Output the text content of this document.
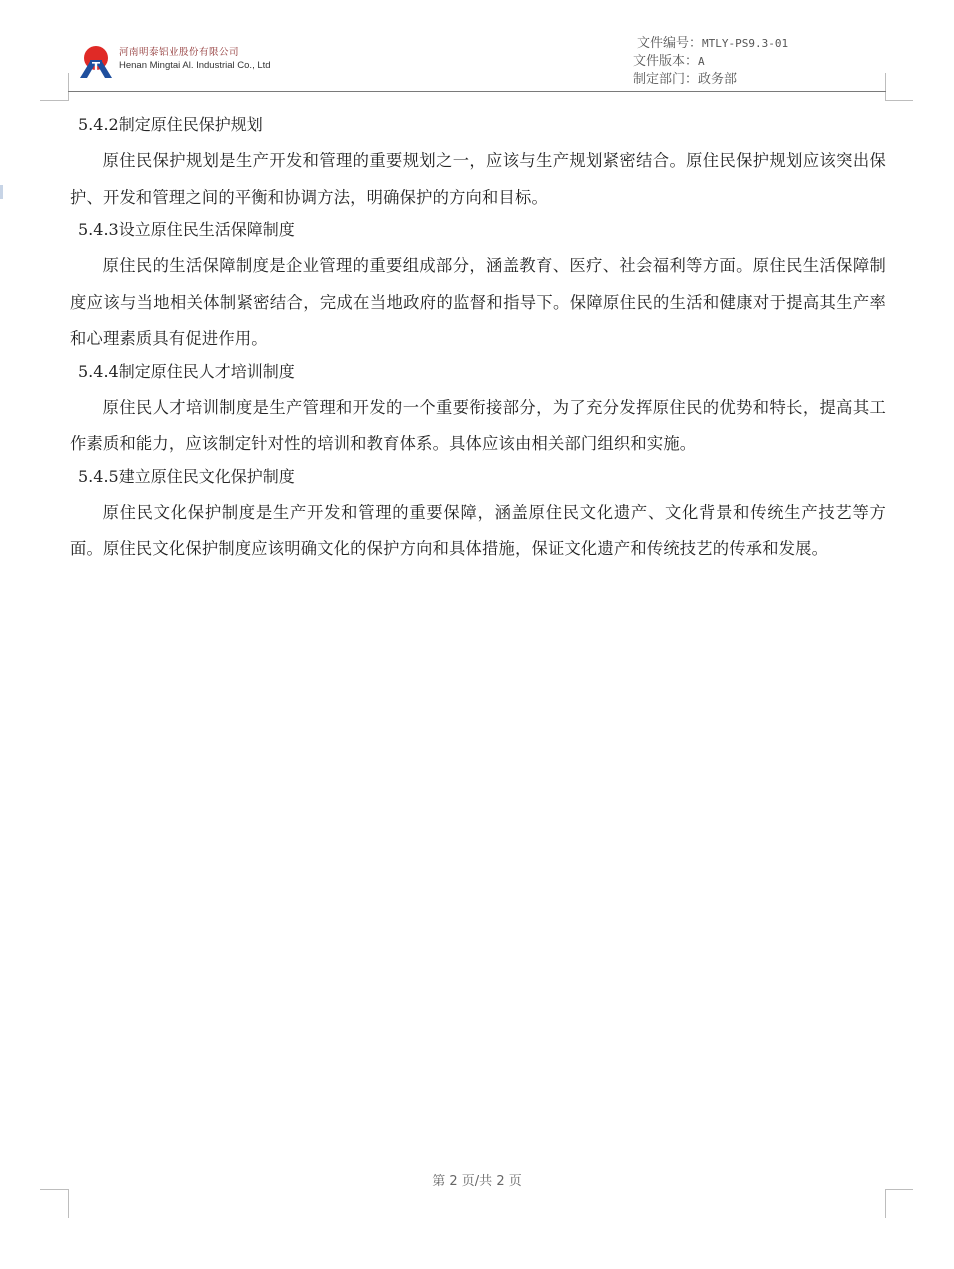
河南明泰铝业股份有限公司
Henan Mingtai Al. Industrial Co., Ltd
文件编号：MTLY-PS9.3-01
文件版本：A
制定部门：政务部
5.4.2制定原住民保护规划
原住民保护规划是生产开发和管理的重要规划之一，应该与生产规划紧密结合。原住民保护规划应该突出保护、开发和管理之间的平衡和协调方法，明确保护的方向和目标。
5.4.3设立原住民生活保障制度
原住民的生活保障制度是企业管理的重要组成部分，涵盖教育、医疗、社会福利等方面。原住民生活保障制度应该与当地相关体制紧密结合，完成在当地政府的监督和指导下。保障原住民的生活和健康对于提高其生产率和心理素质具有促进作用。
5.4.4制定原住民人才培训制度
原住民人才培训制度是生产管理和开发的一个重要衔接部分，为了充分发挥原住民的优势和特长，提高其工作素质和能力，应该制定针对性的培训和教育体系。具体应该由相关部门组织和实施。
5.4.5建立原住民文化保护制度
原住民文化保护制度是生产开发和管理的重要保障，涵盖原住民文化遗产、文化背景和传统生产技艺等方面。原住民文化保护制度应该明确文化的保护方向和具体措施，保证文化遗产和传统技艺的传承和发展。
第 2 页/共 2 页
